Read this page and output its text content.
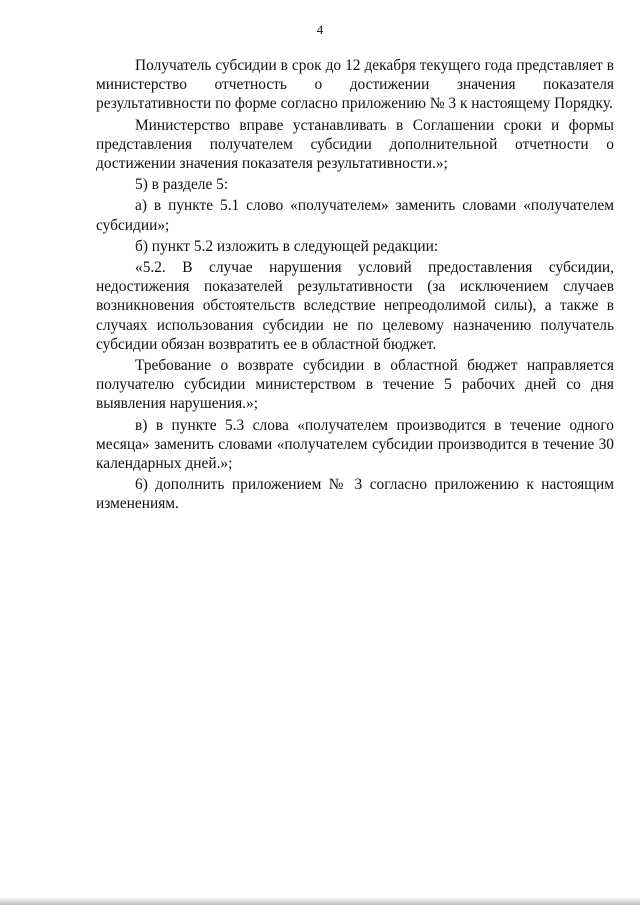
4

Получатель субсидии в срок до 12 декабря текущего года представляет в министерство отчетность о достижении значения показателя результативности по форме согласно приложению № 3 к настоящему Порядку.

Министерство вправе устанавливать в Соглашении сроки и формы представления получателем субсидии дополнительной отчетности о достижении значения показателя результативности.»;

5) в разделе 5:

а) в пункте 5.1 слово «получателем» заменить словами «получателем субсидии»;

б) пункт 5.2 изложить в следующей редакции:

«5.2. В случае нарушения условий предоставления субсидии, недостижения показателей результативности (за исключением случаев возникновения обстоятельств вследствие непреодолимой силы), а также в случаях использования субсидии не по целевому назначению получатель субсидии обязан возвратить ее в областной бюджет.

Требование о возврате субсидии в областной бюджет направляется получателю субсидии министерством в течение 5 рабочих дней со дня выявления нарушения.»;

в) в пункте 5.3 слова «получателем производится в течение одного месяца» заменить словами «получателем субсидии производится в течение 30 календарных дней.»;

6) дополнить приложением № 3 согласно приложению к настоящим изменениям.
